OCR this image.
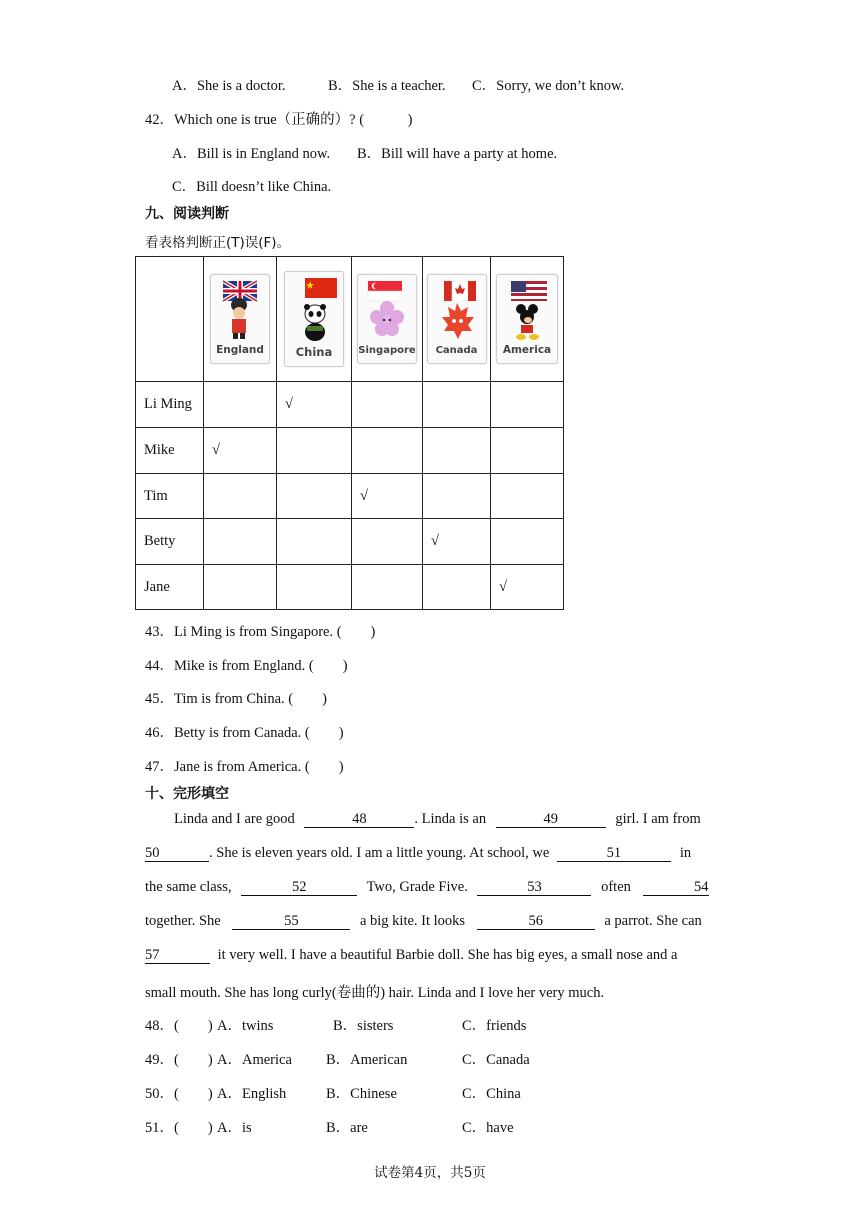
A．She is a doctor.	B．She is a teacher. C．Sorry, we don’t know.
42．Which one is true（正确的）? (　　　)
A．Bill is in England now. B．Bill will have a party at home.
C．Bill doesn’t like China.
九、阅读判断
看表格判断正(T)误(F)。

	England	China	Singapore	Canada	America

Li Ming		√			
Mike	√				
Tim			√		
Betty				√	
Jane					√
43．Li Ming is from Singapore. (　　)
44．Mike is from England. (　　)
45．Tim is from China. (　　)
46．Betty is from Canada. (　　)
47．Jane is from America. (　　)
十、完形填空
Linda and I are good	48	. Linda is an	49	girl. I am from
50	. She is eleven years old. I am a little young. At school, we	51	in
the same class,	52	Two, Grade Five.	53	often	54
together. She	55	a big kite. It looks	56	a parrot. She can
57	it very well. I have a beautiful Barbie doll. She has big eyes, a small nose and a
small mouth. She has long curly(卷曲的) hair. Linda and I love her very much.
48．(　　) A．twins	B．sisters	C．friends
49．(　　) A．America B．American	C．Canada
50．(　　) A．English	B．Chinese	C．China
51．(　　) A．is	B．are	C．have
试卷第4页，共5页
